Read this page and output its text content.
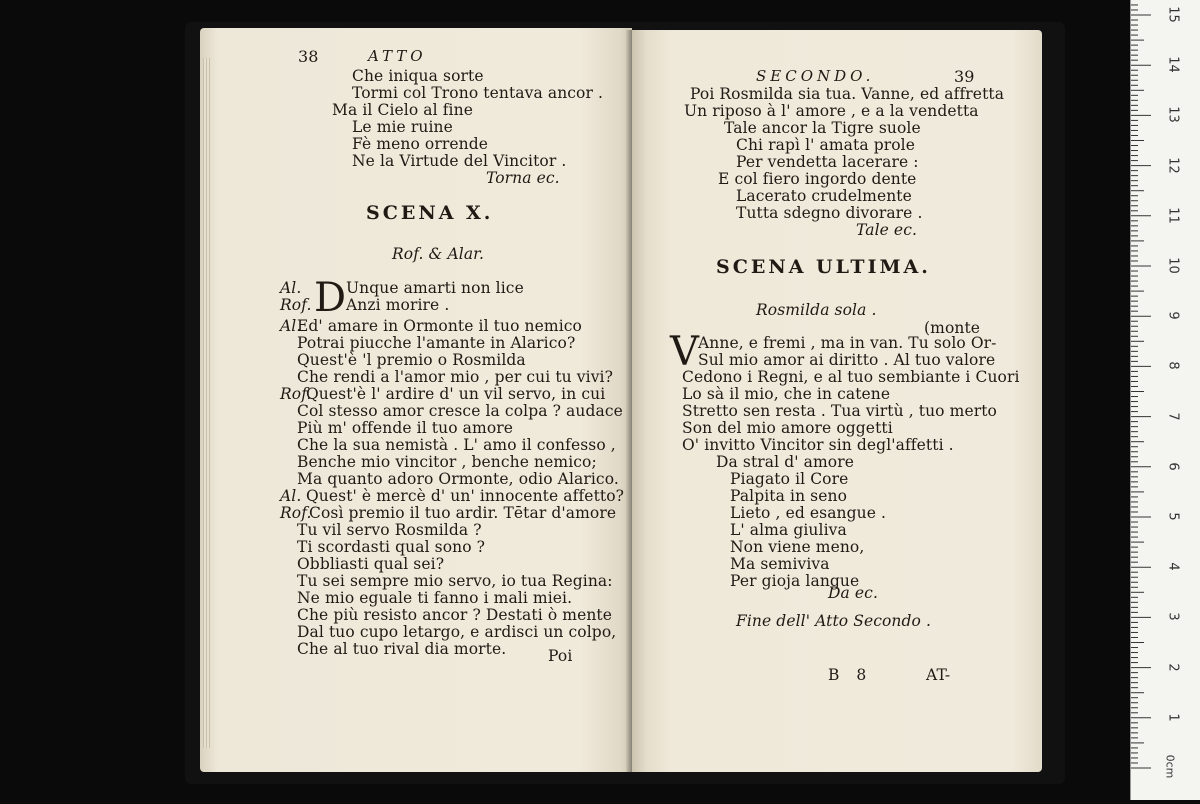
38	ATTO
Che iniqua sorte
Tormi col Trono tentava ancor .
Ma il Cielo al fine
Le mie ruine
Fè meno orrende
Ne la Virtude del Vincitor .
Torna ec.
SCENA X.
Rof. & Alar.
Al.
Rof. D Unque amarti non lice
Anzi morire .
Al.
Ed' amare in Ormonte il tuo nemico
Potrai piucche l'amante in Alarico?
Quest'è 'l premio o Rosmilda
Che rendi a l'amor mio , per cui tu vivi?
Rof.
Quest'è l' ardire d' un vil servo, in cui
Col stesso amor cresce la colpa ? audace
Più m' offende il tuo amore
Che la sua nemistà . L' amo il confesso ,
Benche mio vincitor , benche nemico;
Ma quanto adoro Ormonte, odio Alarico.
Al. Quest' è mercè d' un' innocente affetto?
Rof.
Così premio il tuo ardir. Tētar d'amore
Tu vil servo Rosmilda ?
Ti scordasti qual sono ?
Obbliasti qual sei?
Tu sei sempre mio servo, io tua Regina:
Ne mio eguale ti fanno i mali miei.
Che più resisto ancor ? Destati ò mente
Dal tuo cupo letargo, e ardisci un colpo,
Che al tuo rival dia morte.	Poi
SECONDO.	39
Poi Rosmilda sia tua. Vanne, ed affretta
Un riposo à l' amore , e a la vendetta
Tale ancor la Tigre suole
Chi rapì l' amata prole
Per vendetta lacerare :
E col fiero ingordo dente
Lacerato crudelmente
Tutta sdegno divorare .
Tale ec.
SCENA ULTIMA.
Rosmilda sola .
(monte
V Anne, e fremi , ma in van. Tu solo Or-
Sul mio amor ai diritto . Al tuo valore
Cedono i Regni, e al tuo sembiante i Cuori
Lo sà il mio, che in catene
Stretto sen resta . Tua virtù , tuo merto
Son del mio amore oggetti
O' invitto Vincitor sin degl'affetti .
Da stral d' amore
Piagato il Core
Palpita in seno
Lieto , ed esangue .
L' alma giuliva
Non viene meno,
Ma semiviva
Per gioja langue
Da ec.
Fine dell' Atto Secondo .
B 8	AT-
1
2
3
4
5
6
7
8
9
10
11
12
13
14
15
0cm
